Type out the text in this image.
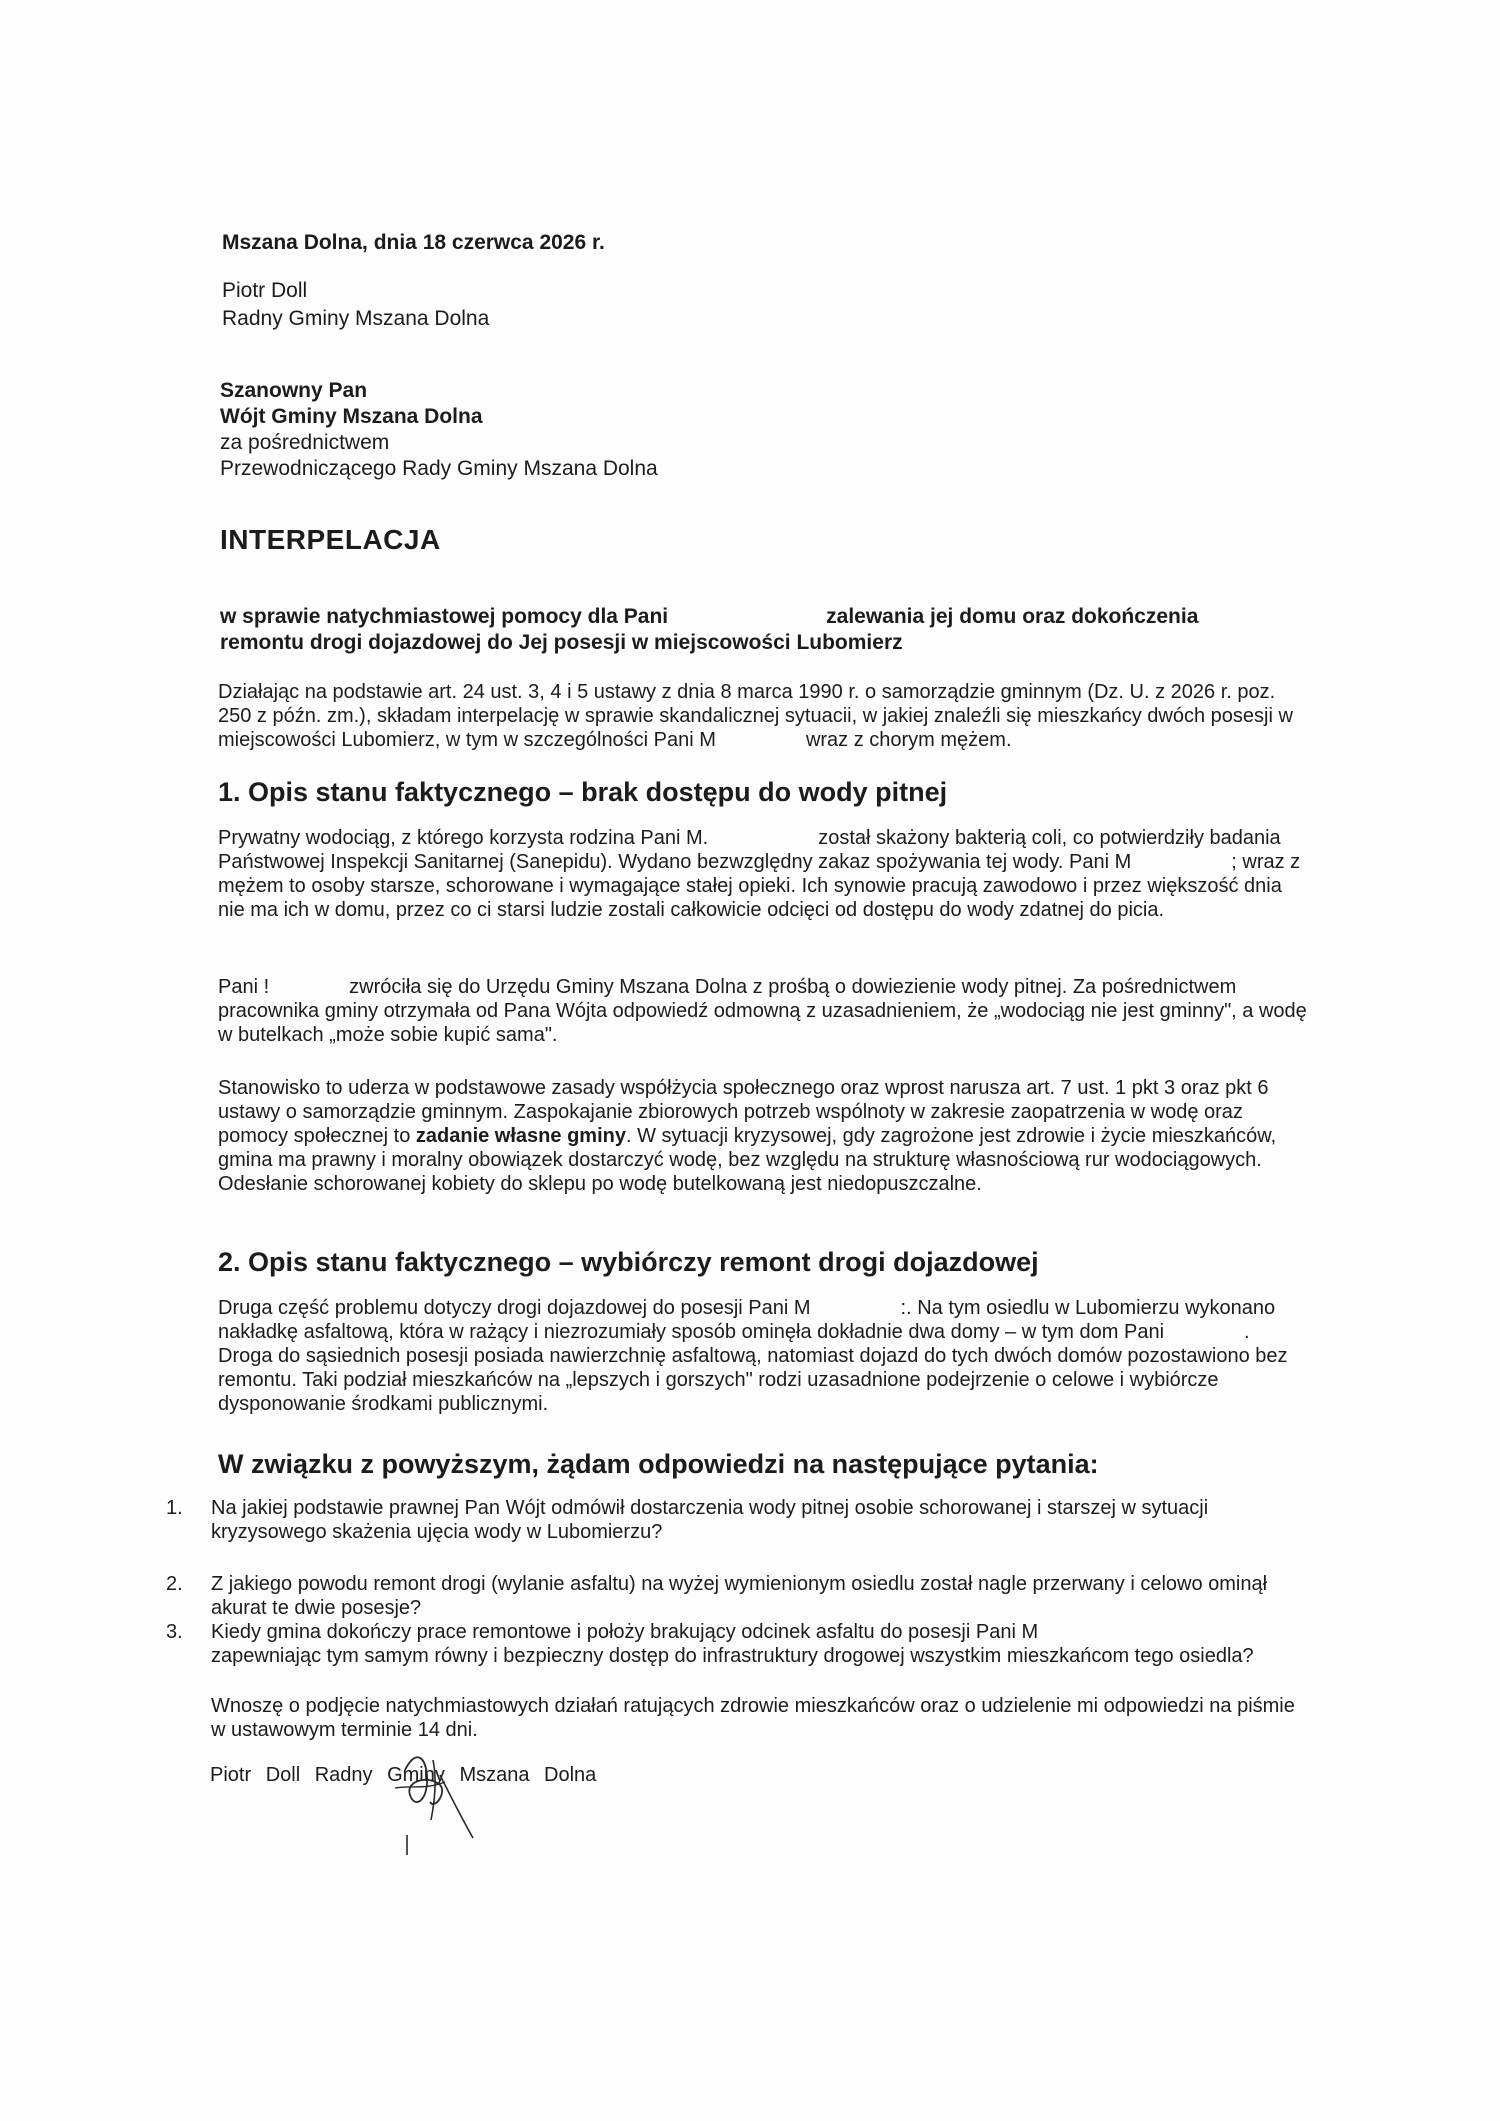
Mszana Dolna, dnia 18 czerwca 2026 r.
Piotr Doll
Radny Gminy Mszana Dolna
Szanowny Pan
Wójt Gminy Mszana Dolna
za pośrednictwem
Przewodniczącego Rady Gminy Mszana Dolna
INTERPELACJA
w sprawie natychmiastowej pomocy dla Pani	zalewania jej domu oraz dokończenia
remontu drogi dojazdowej do Jej posesji w miejscowości Lubomierz
Działając na podstawie art. 24 ust. 3, 4 i 5 ustawy z dnia 8 marca 1990 r. o samorządzie gminnym (Dz. U. z 2026 r. poz. 250 z późn. zm.), składam interpelację w sprawie skandalicznej sytuacii, w jakiej znaleźli się mieszkańcy dwóch posesji w miejscowości Lubomierz, w tym w szczególności Pani M	wraz z chorym mężem.
1. Opis stanu faktycznego – brak dostępu do wody pitnej
Prywatny wodociąg, z którego korzysta rodzina Pani M.	został skażony bakterią coli, co potwierdziły badania Państwowej Inspekcji Sanitarnej (Sanepidu). Wydano bezwzględny zakaz spożywania tej wody. Pani M	; wraz z mężem to osoby starsze, schorowane i wymagające stałej opieki. Ich synowie pracują zawodowo i przez większość dnia nie ma ich w domu, przez co ci starsi ludzie zostali całkowicie odcięci od dostępu do wody zdatnej do picia.
Pani !	zwróciła się do Urzędu Gminy Mszana Dolna z prośbą o dowiezienie wody pitnej. Za pośrednictwem pracownika gminy otrzymała od Pana Wójta odpowiedź odmowną z uzasadnieniem, że „wodociąg nie jest gminny", a wodę w butelkach „może sobie kupić sama".
Stanowisko to uderza w podstawowe zasady współżycia społecznego oraz wprost narusza art. 7 ust. 1 pkt 3 oraz pkt 6 ustawy o samorządzie gminnym. Zaspokajanie zbiorowych potrzeb wspólnoty w zakresie zaopatrzenia w wodę oraz pomocy społecznej to zadanie własne gminy. W sytuacji kryzysowej, gdy zagrożone jest zdrowie i życie mieszkańców, gmina ma prawny i moralny obowiązek dostarczyć wodę, bez względu na strukturę własnościową rur wodociągowych. Odesłanie schorowanej kobiety do sklepu po wodę butelkowaną jest niedopuszczalne.
2. Opis stanu faktycznego – wybiórczy remont drogi dojazdowej
Druga część problemu dotyczy drogi dojazdowej do posesji Pani M	:. Na tym osiedlu w Lubomierzu wykonano nakładkę asfaltową, która w rażący i niezrozumiały sposób ominęła dokładnie dwa domy – w tym dom Pani	. Droga do sąsiednich posesji posiada nawierzchnię asfaltową, natomiast dojazd do tych dwóch domów pozostawiono bez remontu. Taki podział mieszkańców na „lepszych i gorszych" rodzi uzasadnione podejrzenie o celowe i wybiórcze dysponowanie środkami publicznymi.
W związku z powyższym, żądam odpowiedzi na następujące pytania:
1. Na jakiej podstawie prawnej Pan Wójt odmówił dostarczenia wody pitnej osobie schorowanej i starszej w sytuacji kryzysowego skażenia ujęcia wody w Lubomierzu?
2. Z jakiego powodu remont drogi (wylanie asfaltu) na wyżej wymienionym osiedlu został nagle przerwany i celowo ominął akurat te dwie posesje?
3. Kiedy gmina dokończy prace remontowe i położy brakujący odcinek asfaltu do posesji Pani M
zapewniając tym samym równy i bezpieczny dostęp do infrastruktury drogowej wszystkim mieszkańcom tego osiedla?
Wnoszę o podjęcie natychmiastowych działań ratujących zdrowie mieszkańców oraz o udzielenie mi odpowiedzi na piśmie w ustawowym terminie 14 dni.
Piotr Doll Radny Gminy Mszana Dolna
